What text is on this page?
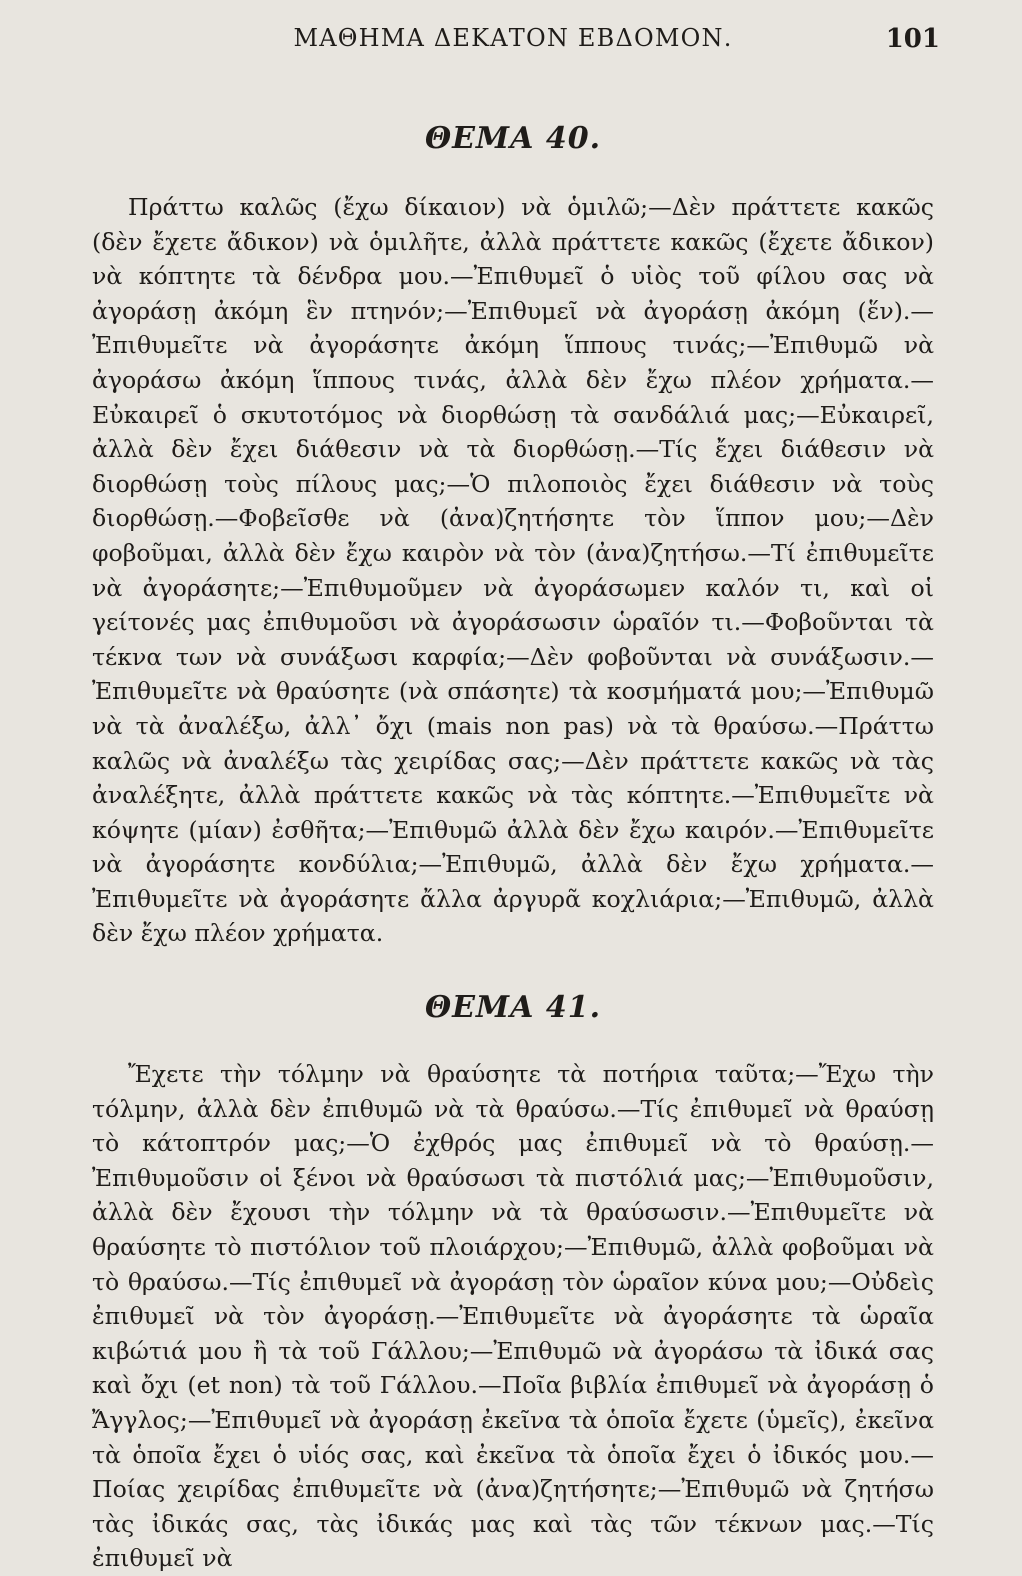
ΜΑΘΗΜΑ ΔΕΚΑΤΟΝ ΕΒΔΟΜΟΝ.	101
ΘΕΜΑ 40.

Πράττω καλῶς (ἔχω δίκαιον) νὰ ὁμιλῶ;—Δὲν πράττετε κακῶς (δὲν ἔχετε ἄδικον) νὰ ὁμιλῆτε, ἀλλὰ πράττετε κακῶς (ἔχετε ἄδικον) νὰ κόπτητε τὰ δένδρα μου.—Ἐπιθυμεῖ ὁ υἱὸς τοῦ φίλου σας νὰ ἀγοράσῃ ἀκόμη ἓν πτηνόν;—Ἐπιθυμεῖ νὰ ἀγοράσῃ ἀκόμη (ἕν).—Ἐπιθυμεῖτε νὰ ἀγοράσητε ἀκόμη ἵππους τινάς;—Ἐπιθυμῶ νὰ ἀγοράσω ἀκόμη ἵππους τινάς, ἀλλὰ δὲν ἔχω πλέον χρήματα.—Εὐκαιρεῖ ὁ σκυτοτόμος νὰ διορθώσῃ τὰ σανδάλιά μας;—Εὐκαιρεῖ, ἀλλὰ δὲν ἔχει διάθεσιν νὰ τὰ διορθώσῃ.—Τίς ἔχει διάθεσιν νὰ διορθώσῃ τοὺς πίλους μας;—Ὁ πιλοποιὸς ἔχει διάθεσιν νὰ τοὺς διορθώσῃ.—Φοβεῖσθε νὰ (ἀνα)ζητήσητε τὸν ἵππον μου;—Δὲν φοβοῦμαι, ἀλλὰ δὲν ἔχω καιρὸν νὰ τὸν (ἀνα)ζητήσω.—Τί ἐπιθυμεῖτε νὰ ἀγοράσητε;—Ἐπιθυμοῦμεν νὰ ἀγοράσωμεν καλόν τι, καὶ οἱ γείτονές μας ἐπιθυμοῦσι νὰ ἀγοράσωσιν ὡραῖόν τι.—Φοβοῦνται τὰ τέκνα των νὰ συνάξωσι καρφία;—Δὲν φοβοῦνται νὰ συνάξωσιν.—Ἐπιθυμεῖτε νὰ θραύσητε (νὰ σπάσητε) τὰ κοσμήματά μου;—Ἐπιθυμῶ νὰ τὰ ἀναλέξω, ἀλλ᾽ ὄχι (mais non pas) νὰ τὰ θραύσω.—Πράττω καλῶς νὰ ἀναλέξω τὰς χειρίδας σας;—Δὲν πράττετε κακῶς νὰ τὰς ἀναλέξητε, ἀλλὰ πράττετε κακῶς νὰ τὰς κόπτητε.—Ἐπιθυμεῖτε νὰ κόψητε (μίαν) ἐσθῆτα;—Ἐπιθυμῶ ἀλλὰ δὲν ἔχω καιρόν.—Ἐπιθυμεῖτε νὰ ἀγοράσητε κονδύλια;—Ἐπιθυμῶ, ἀλλὰ δὲν ἔχω χρήματα.—Ἐπιθυμεῖτε νὰ ἀγοράσητε ἄλλα ἀργυρᾶ κοχλιάρια;—Ἐπιθυμῶ, ἀλλὰ δὲν ἔχω πλέον χρήματα.

ΘΕΜΑ 41.

Ἔχετε τὴν τόλμην νὰ θραύσητε τὰ ποτήρια ταῦτα;—Ἔχω τὴν τόλμην, ἀλλὰ δὲν ἐπιθυμῶ νὰ τὰ θραύσω.—Τίς ἐπιθυμεῖ νὰ θραύσῃ τὸ κάτοπτρόν μας;—Ὁ ἐχθρός μας ἐπιθυμεῖ νὰ τὸ θραύσῃ.—Ἐπιθυμοῦσιν οἱ ξένοι νὰ θραύσωσι τὰ πιστόλιά μας;—Ἐπιθυμοῦσιν, ἀλλὰ δὲν ἔχουσι τὴν τόλμην νὰ τὰ θραύσωσιν.—Ἐπιθυμεῖτε νὰ θραύσητε τὸ πιστόλιον τοῦ πλοιάρχου;—Ἐπιθυμῶ, ἀλλὰ φοβοῦμαι νὰ τὸ θραύσω.—Τίς ἐπιθυμεῖ νὰ ἀγοράσῃ τὸν ὡραῖον κύνα μου;—Οὐδεὶς ἐπιθυμεῖ νὰ τὸν ἀγοράσῃ.—Ἐπιθυμεῖτε νὰ ἀγοράσητε τὰ ὡραῖα κιβώτιά μου ἢ τὰ τοῦ Γάλλου;—Ἐπιθυμῶ νὰ ἀγοράσω τὰ ἰδικά σας καὶ ὄχι (et non) τὰ τοῦ Γάλλου.—Ποῖα βιβλία ἐπιθυμεῖ νὰ ἀγοράσῃ ὁ Ἄγγλος;—Ἐπιθυμεῖ νὰ ἀγοράσῃ ἐκεῖνα τὰ ὁποῖα ἔχετε (ὑμεῖς), ἐκεῖνα τὰ ὁποῖα ἔχει ὁ υἱός σας, καὶ ἐκεῖνα τὰ ὁποῖα ἔχει ὁ ἰδικός μου.—Ποίας χειρίδας ἐπιθυμεῖτε νὰ (ἀνα)ζητήσητε;—Ἐπιθυμῶ νὰ ζητήσω τὰς ἰδικάς σας, τὰς ἰδικάς μας καὶ τὰς τῶν τέκνων μας.—Τίς ἐπιθυμεῖ νὰ
